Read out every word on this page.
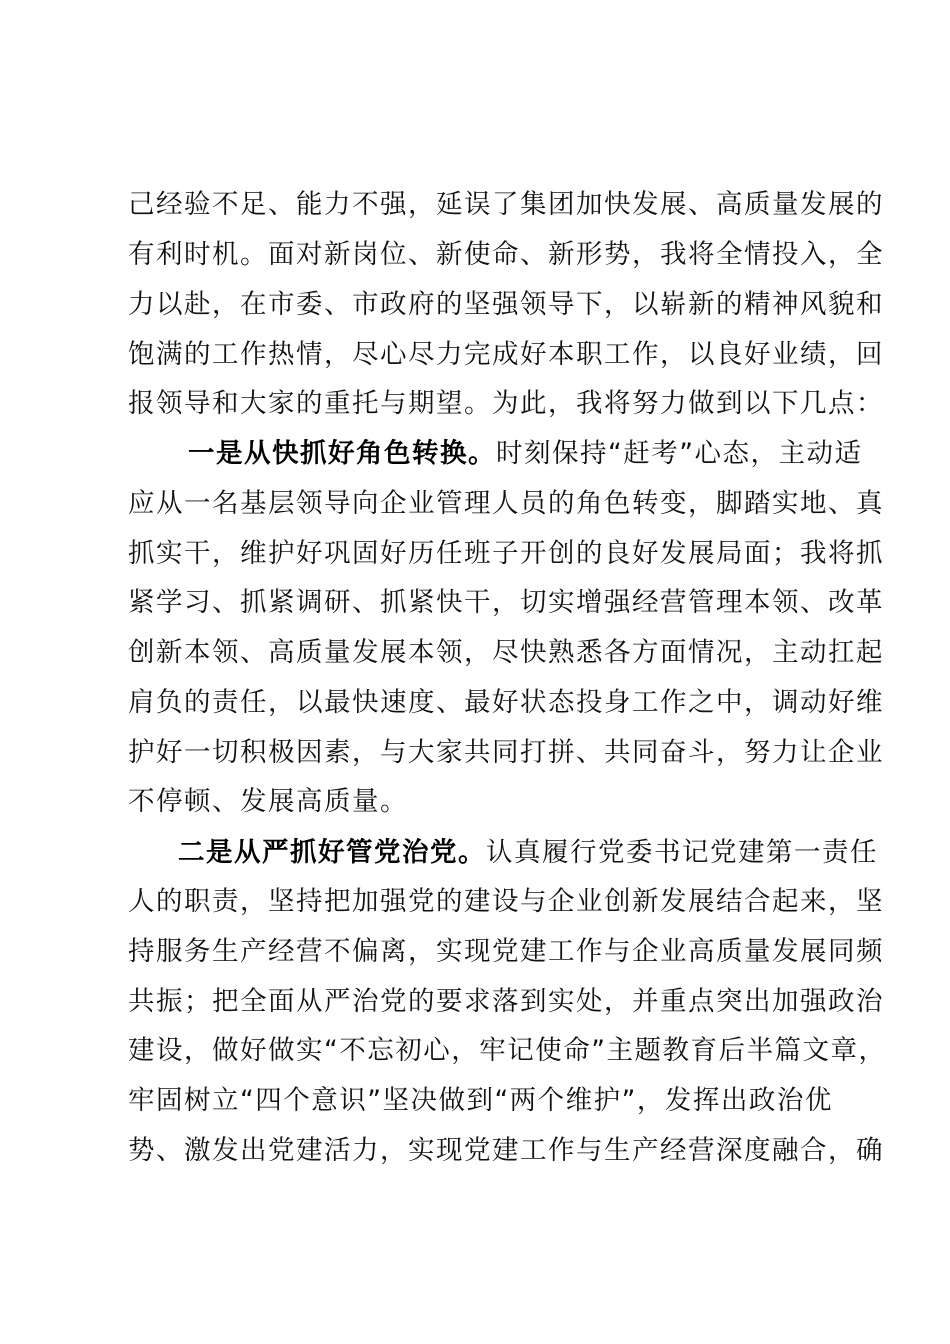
己经验不足、能力不强，延误了集团加快发展、高质量发展的
有利时机。面对新岗位、新使命、新形势，我将全情投入，全
力以赴，在市委、市政府的坚强领导下，以崭新的精神风貌和
饱满的工作热情，尽心尽力完成好本职工作，以良好业绩，回
报领导和大家的重托与期望。为此，我将努力做到以下几点：
一是从快抓好角色转换。时刻保持“赶考”心态，主动适
应从一名基层领导向企业管理人员的角色转变，脚踏实地、真
抓实干，维护好巩固好历任班子开创的良好发展局面；我将抓
紧学习、抓紧调研、抓紧快干，切实增强经营管理本领、改革
创新本领、高质量发展本领，尽快熟悉各方面情况，主动扛起
肩负的责任，以最快速度、最好状态投身工作之中，调动好维
护好一切积极因素，与大家共同打拼、共同奋斗，努力让企业
不停顿、发展高质量。
二是从严抓好管党治党。认真履行党委书记党建第一责任
人的职责，坚持把加强党的建设与企业创新发展结合起来，坚
持服务生产经营不偏离，实现党建工作与企业高质量发展同频
共振；把全面从严治党的要求落到实处，并重点突出加强政治
建设，做好做实“不忘初心，牢记使命”主题教育后半篇文章，
牢固树立“四个意识”坚决做到“两个维护”，发挥出政治优
势、激发出党建活力，实现党建工作与生产经营深度融合，确
